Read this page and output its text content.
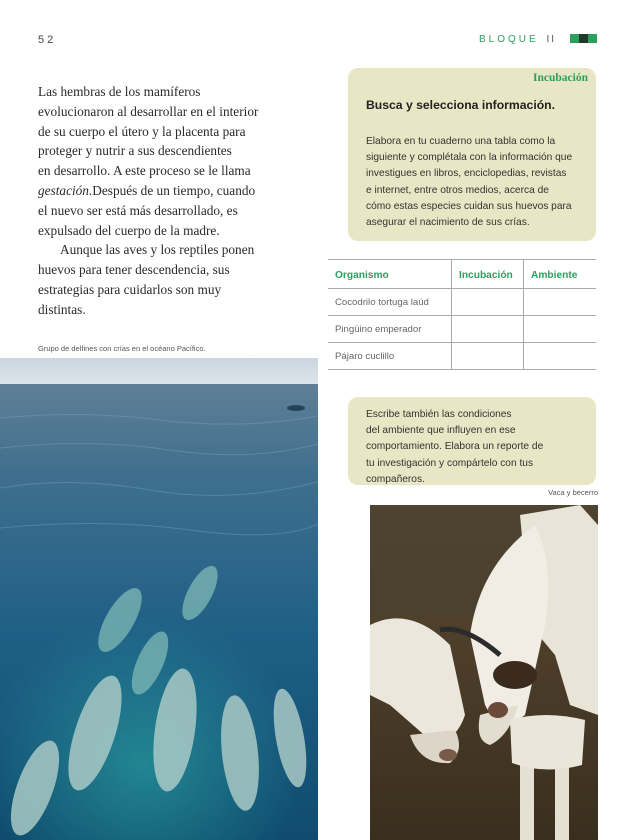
52	BLOQUE II

Las hembras de los mamíferos

evolucionaron al desarrollar en el interior

de su cuerpo el útero y la placenta para

proteger y nutrir a sus descendientes

en desarrollo. A este proceso se le llama

gestación.Después de un tiempo, cuando

el nuevo ser está más desarrollado, es

expulsado del cuerpo de la madre.

Aunque las aves y los reptiles ponen

huevos para tener descendencia, sus

estrategias para cuidarlos son muy

distintas.

Grupo de delfines con crías en el océano Pacífico.
Incubación
Busca y selecciona información.
Elabora en tu cuaderno una tabla como la
siguiente y complétala con la información que
investigues en libros, enciclopedias, revistas
e internet, entre otros medios, acerca de
cómo estas especies cuidan sus huevos para
asegurar el nacimiento de sus crías.
Organismo	Incubación	Ambiente
Cocodrilo tortuga laúd		
Pingüino emperador		
Pájaro cuclillo		
Escribe también las condiciones
del ambiente que influyen en ese
comportamiento. Elabora un reporte de
tu investigación y compártelo con tus
compañeros.
Vaca y becerro
